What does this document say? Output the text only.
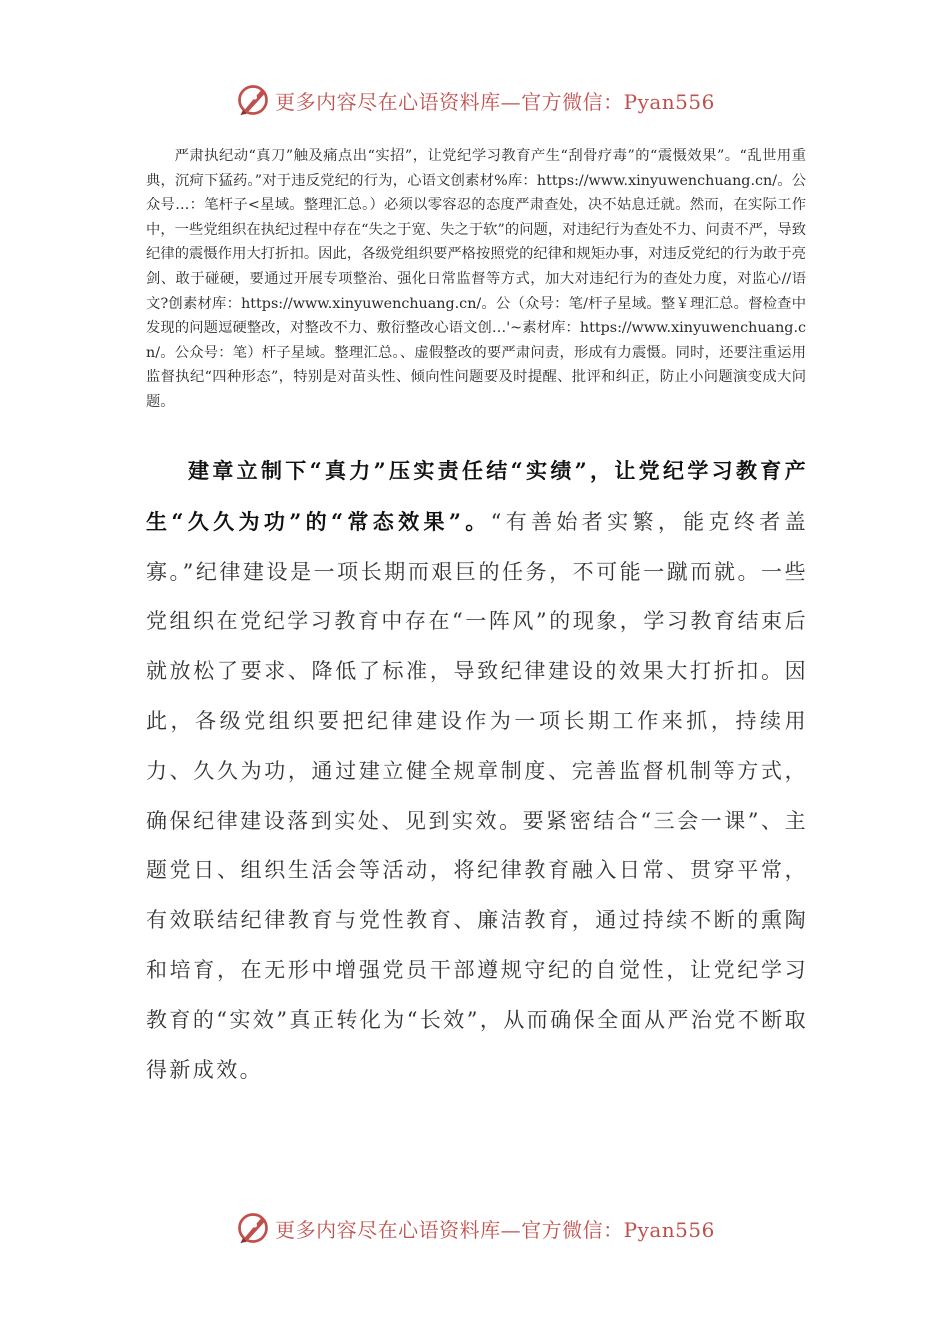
更多内容尽在心语资料库—官方微信：Pyan556
严肃执纪动“真刀”触及痛点出“实招”，让党纪学习教育产生“刮骨疗毒”的“震慑效果”。“乱世用重典，沉疴下猛药。”对于违反党纪的行为，心语文创素材%库：https://www.xinyuwenchuang.cn/。公众号…：笔杆子<星域。整理汇总。）必须以零容忍的态度严肃查处，决不姑息迁就。然而，在实际工作中，一些党组织在执纪过程中存在“失之于宽、失之于软”的问题，对违纪行为查处不力、问责不严，导致纪律的震慑作用大打折扣。因此，各级党组织要严格按照党的纪律和规矩办事，对违反党纪的行为敢于亮剑、敢于碰硬，要通过开展专项整治、强化日常监督等方式，加大对违纪行为的查处力度，对监心//语文?创素材库：https://www.xinyuwenchuang.cn/。公（众号：笔/杆子星域。整￥理汇总。督检查中发现的问题逗硬整改，对整改不力、敷衍整改心语文创…'~素材库：https://www.xinyuwenchuang.cn/。公众号：笔）杆子星域。整理汇总。、虚假整改的要严肃问责，形成有力震慑。同时，还要注重运用监督执纪“四种形态”，特别是对苗头性、倾向性问题要及时提醒、批评和纠正，防止小问题演变成大问题。
建章立制下“真力”压实责任结“实绩”，让党纪学习教育产生“久久为功”的“常态效果”。“有善始者实繁，能克终者盖寡。”纪律建设是一项长期而艰巨的任务，不可能一蹴而就。一些党组织在党纪学习教育中存在“一阵风”的现象，学习教育结束后就放松了要求、降低了标准，导致纪律建设的效果大打折扣。因此，各级党组织要把纪律建设作为一项长期工作来抓，持续用力、久久为功，通过建立健全规章制度、完善监督机制等方式，确保纪律建设落到实处、见到实效。要紧密结合“三会一课”、主题党日、组织生活会等活动，将纪律教育融入日常、贯穿平常，有效联结纪律教育与党性教育、廉洁教育，通过持续不断的熏陶和培育，在无形中增强党员干部遵规守纪的自觉性，让党纪学习教育的“实效”真正转化为“长效”，从而确保全面从严治党不断取得新成效。
更多内容尽在心语资料库—官方微信：Pyan556
